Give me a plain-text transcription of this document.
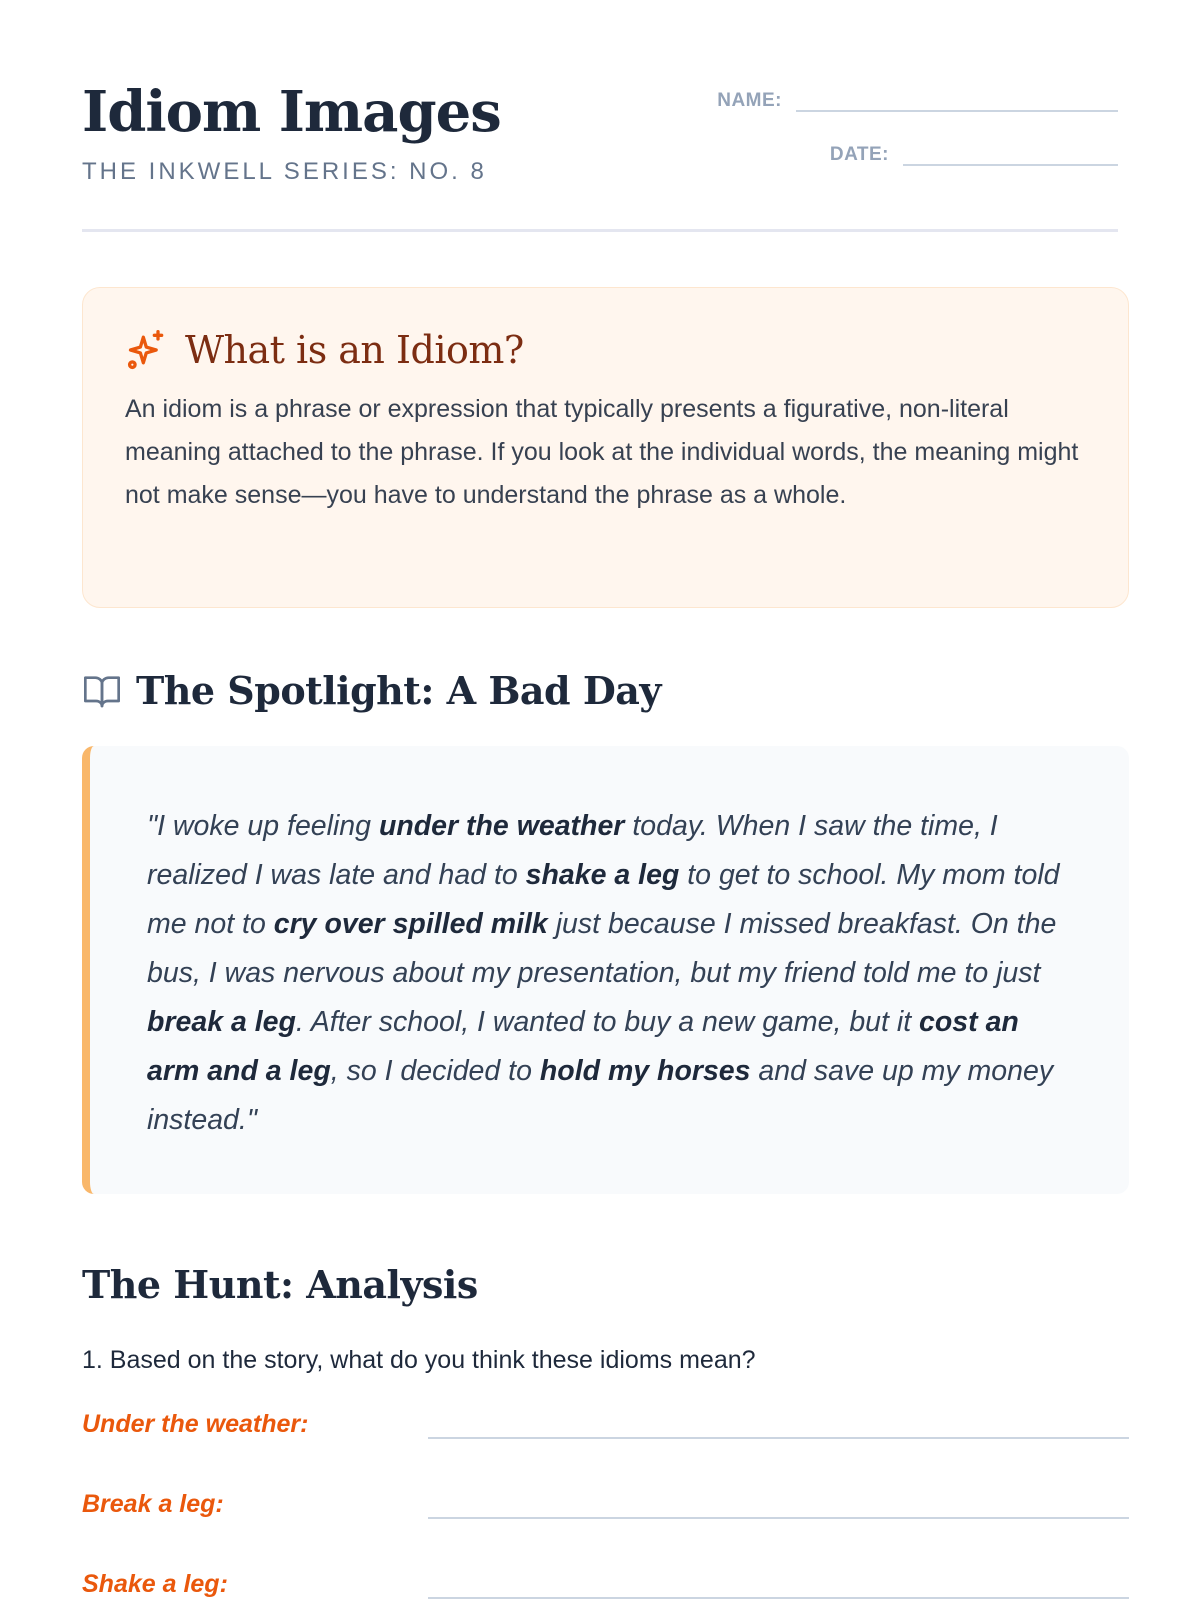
Idiom Images
THE INKWELL SERIES: NO. 8
NAME:
DATE:
What is an Idiom?

An idiom is a phrase or expression that typically presents a figurative, non-literal meaning attached to the phrase. If you look at the individual words, the meaning might not make sense—you have to understand the phrase as a whole.

The Spotlight: A Bad Day

"I woke up feeling under the weather today. When I saw the time, I realized I was late and had to shake a leg to get to school. My mom told me not to cry over spilled milk just because I missed breakfast. On the bus, I was nervous about my presentation, but my friend told me to just break a leg. After school, I wanted to buy a new game, but it cost an arm and a leg, so I decided to hold my horses and save up my money instead."

The Hunt: Analysis

1. Based on the story, what do you think these idioms mean?

Under the weather:
Break a leg:
Shake a leg:
